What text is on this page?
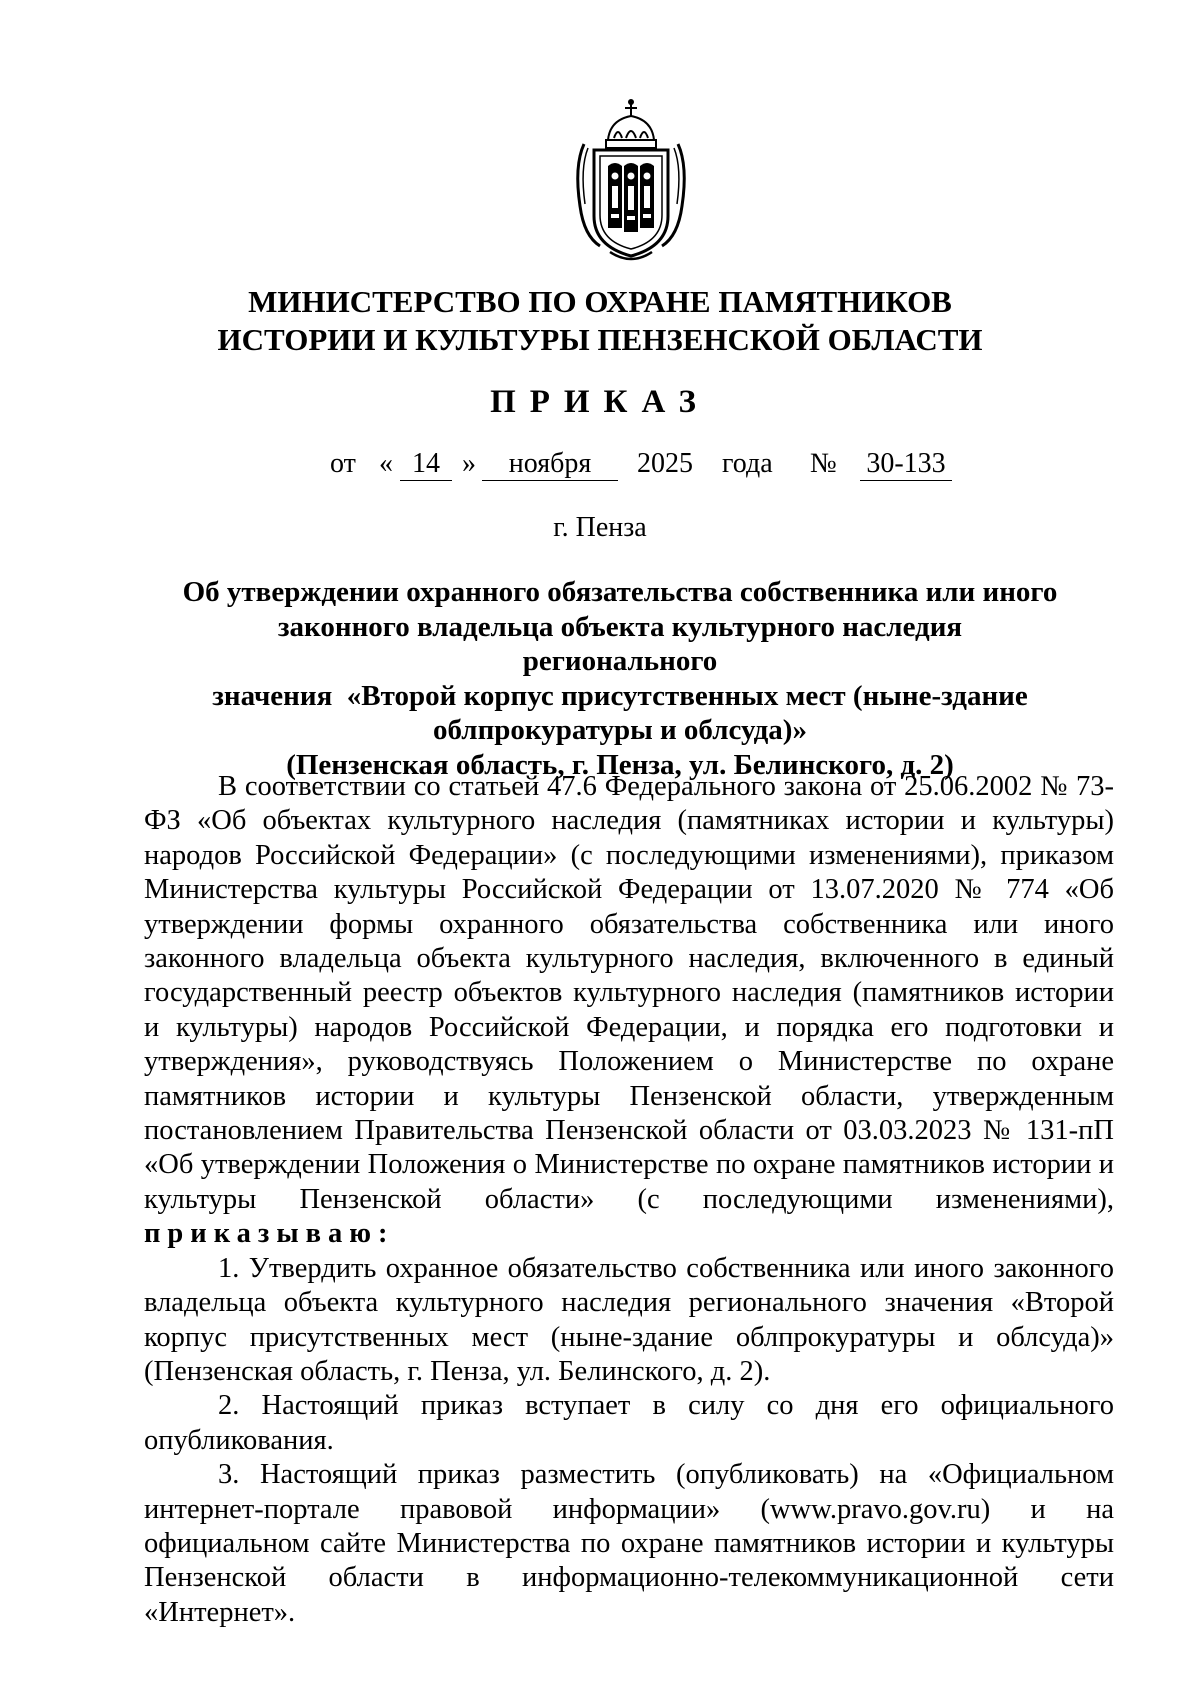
МИНИСТЕРСТВО ПО ОХРАНЕ ПАМЯТНИКОВ
ИСТОРИИ И КУЛЬТУРЫ ПЕНЗЕНСКОЙ ОБЛАСТИ
ПРИКАЗ
от « 14 »	ноября	2025 года № 30-133
г. Пенза
Об утверждении охранного обязательства собственника или иного
законного владельца объекта культурного наследия регионального
значения  «Второй корпус присутственных мест (ныне-здание
облпрокуратуры и облсуда)»
(Пензенская область, г. Пенза, ул. Белинского, д. 2)

В соответствии со статьей 47.6 Федерального закона от 25.06.2002 № 73-ФЗ «Об объектах культурного наследия (памятниках истории и культуры) народов Российской Федерации» (с последующими изменениями), приказом Министерства культуры Российской Федерации от 13.07.2020 № 774 «Об утверждении формы охранного обязательства собственника или иного законного владельца объекта культурного наследия, включенного в единый государственный реестр объектов культурного наследия (памятников истории и культуры) народов Российской Федерации, и порядка его подготовки и утверждения», руководствуясь Положением о Министерстве по охране памятников истории и культуры Пензенской области, утвержденным постановлением Правительства Пензенской области от 03.03.2023 № 131-пП «Об утверждении Положения о Министерстве по охране памятников истории и культуры Пензенской области» (с последующими изменениями),

приказываю:

1. Утвердить охранное обязательство собственника или иного законного владельца объекта культурного наследия регионального значения «Второй корпус присутственных мест (ныне-здание облпрокуратуры и облсуда)» (Пензенская область, г. Пенза, ул. Белинского, д. 2).

2. Настоящий приказ вступает в силу со дня его официального опубликования.

3. Настоящий приказ разместить (опубликовать) на «Официальном интернет-портале правовой информации» (www.pravo.gov.ru) и на официальном сайте Министерства по охране памятников истории и культуры Пензенской области в информационно-телекоммуникационной сети «Интернет».
